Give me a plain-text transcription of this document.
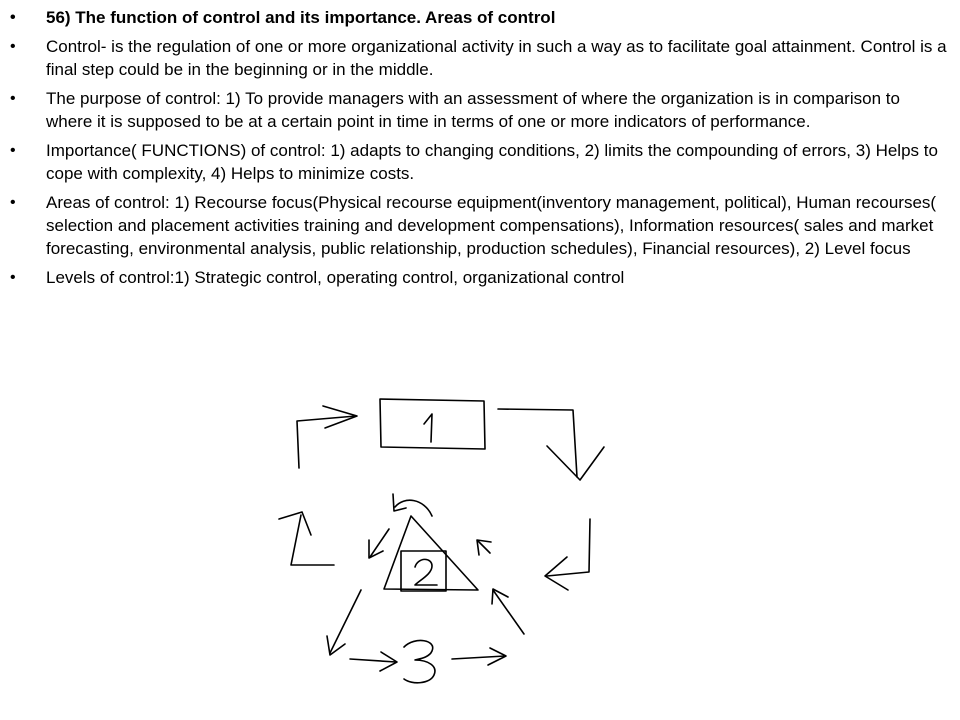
• 56) The function of control and its importance. Areas of control
• Control- is the regulation of one or more organizational activity in such a way as to facilitate goal attainment. Control is a final step could be in the beginning or in the middle.
• The purpose of control: 1) To provide managers with an assessment of where the organization is in comparison to where it is supposed to be at a certain point in time in terms of one or more indicators of performance.
• Importance( FUNCTIONS) of control: 1) adapts to changing conditions, 2) limits the compounding of errors, 3) Helps to cope with complexity, 4) Helps to minimize costs.
• Areas of control: 1) Recourse focus(Physical recourse equipment(inventory management, political), Human recourses( selection and placement activities training and development compensations), Information resources( sales and market forecasting, environmental analysis, public relationship, production schedules), Financial resources), 2) Level focus
• Levels of control:1) Strategic control, operating control, organizational control
